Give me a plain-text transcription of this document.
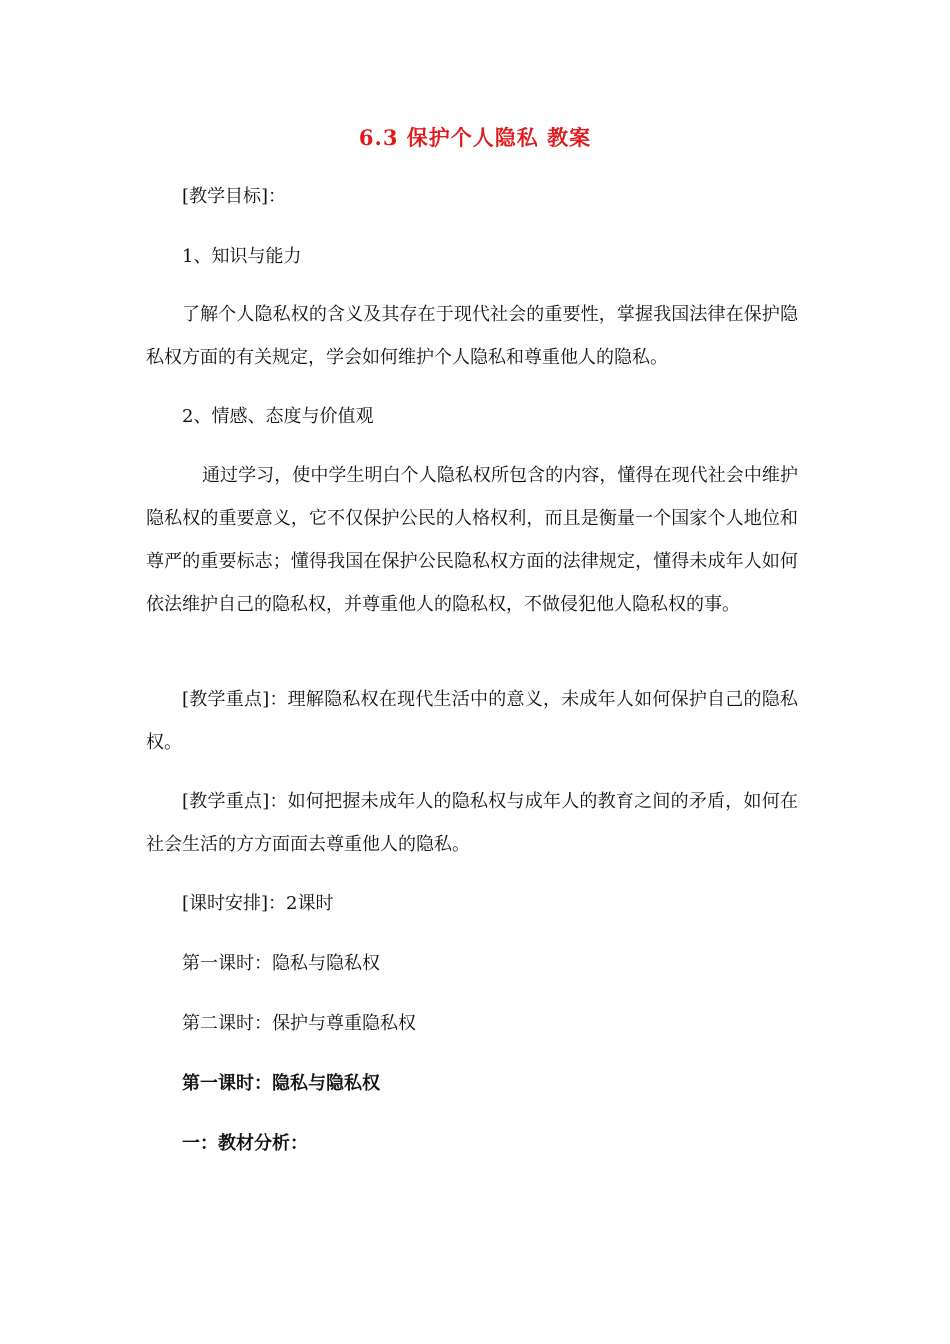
6.3 保护个人隐私 教案

[教学目标]：

1、知识与能力

了解个人隐私权的含义及其存在于现代社会的重要性，掌握我国法律在保护隐私权方面的有关规定，学会如何维护个人隐私和尊重他人的隐私。

2、情感、态度与价值观

通过学习，使中学生明白个人隐私权所包含的内容，懂得在现代社会中维护隐私权的重要意义，它不仅保护公民的人格权利，而且是衡量一个国家个人地位和尊严的重要标志；懂得我国在保护公民隐私权方面的法律规定，懂得未成年人如何依法维护自己的隐私权，并尊重他人的隐私权，不做侵犯他人隐私权的事。

[教学重点]：理解隐私权在现代生活中的意义，未成年人如何保护自己的隐私权。

[教学重点]：如何把握未成年人的隐私权与成年人的教育之间的矛盾，如何在社会生活的方方面面去尊重他人的隐私。

[课时安排]：2课时

第一课时：隐私与隐私权

第二课时：保护与尊重隐私权

第一课时：隐私与隐私权

一：教材分析：
